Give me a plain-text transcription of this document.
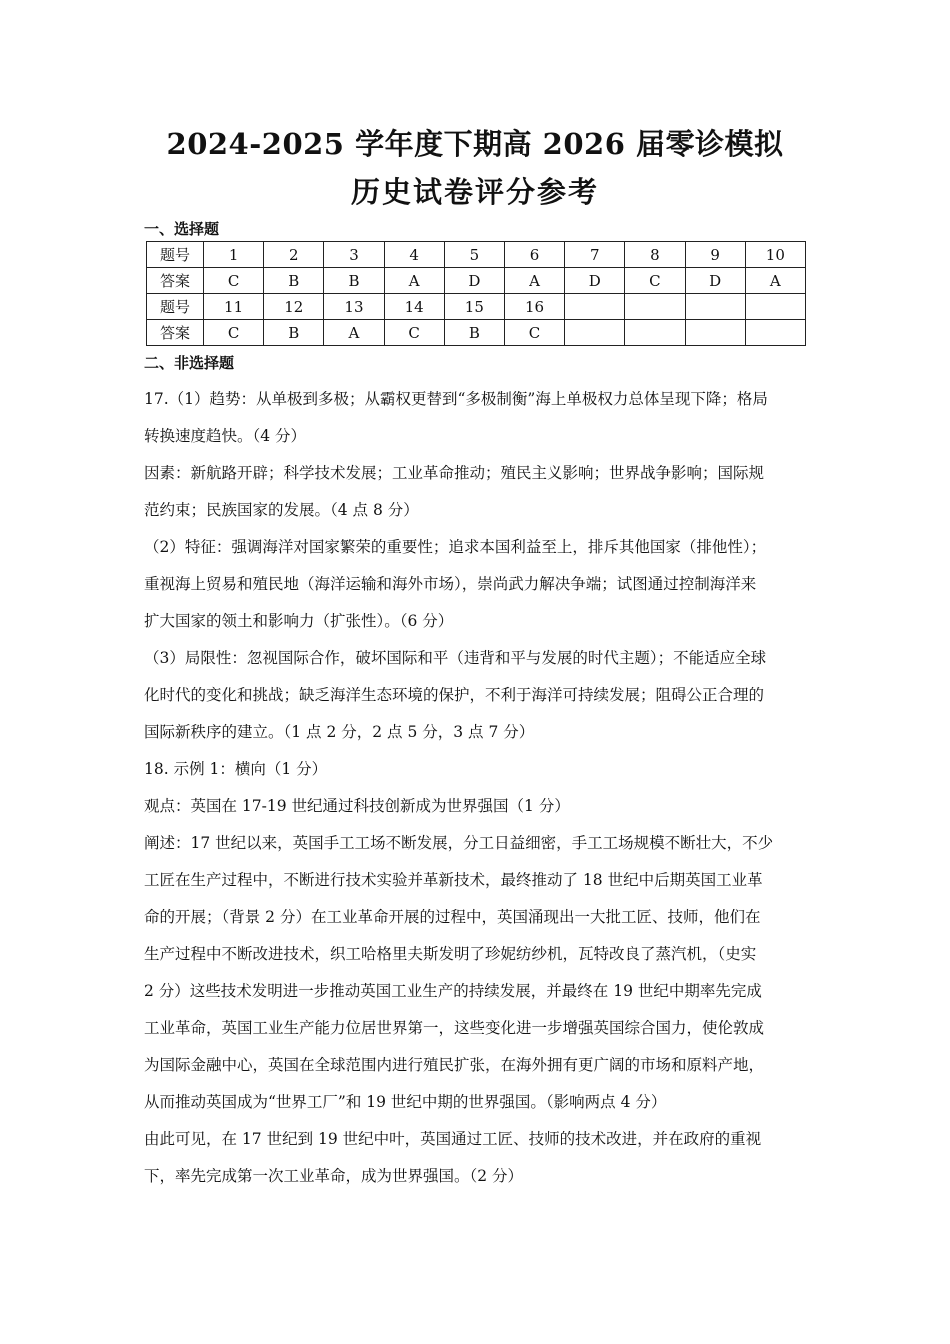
2024-2025 学年度下期高 2026 届零诊模拟
历史试卷评分参考
一、选择题
题号	1	2	3	4	5	6	7	8	9	10
答案	C	B	B	A	D	A	D	C	D	A
题号	11	12	13	14	15	16				
答案	C	B	A	C	B	C				
二、非选择题

17.（1）趋势：从单极到多极；从霸权更替到“多极制衡”海上单极权力总体呈现下降；格局

转换速度趋快。（4 分）

因素：新航路开辟；科学技术发展；工业革命推动；殖民主义影响；世界战争影响；国际规

范约束；民族国家的发展。（4 点 8 分）

（2）特征：强调海洋对国家繁荣的重要性；追求本国利益至上，排斥其他国家（排他性）；

重视海上贸易和殖民地（海洋运输和海外市场），崇尚武力解决争端；试图通过控制海洋来

扩大国家的领土和影响力（扩张性）。（6 分）

（3）局限性：忽视国际合作，破坏国际和平（违背和平与发展的时代主题）；不能适应全球

化时代的变化和挑战；缺乏海洋生态环境的保护，不利于海洋可持续发展；阻碍公正合理的

国际新秩序的建立。（1 点 2 分，2 点 5 分，3 点 7 分）

18. 示例 1：横向（1 分）

观点：英国在 17-19 世纪通过科技创新成为世界强国（1 分）

阐述：17 世纪以来，英国手工工场不断发展，分工日益细密，手工工场规模不断壮大，不少

工匠在生产过程中，不断进行技术实验并革新技术，最终推动了 18 世纪中后期英国工业革

命的开展；（背景 2 分）在工业革命开展的过程中，英国涌现出一大批工匠、技师，他们在

生产过程中不断改进技术，织工哈格里夫斯发明了珍妮纺纱机，瓦特改良了蒸汽机，（史实

2 分）这些技术发明进一步推动英国工业生产的持续发展，并最终在 19 世纪中期率先完成

工业革命，英国工业生产能力位居世界第一，这些变化进一步增强英国综合国力，使伦敦成

为国际金融中心，英国在全球范围内进行殖民扩张，在海外拥有更广阔的市场和原料产地，

从而推动英国成为“世界工厂”和 19 世纪中期的世界强国。（影响两点 4 分）

由此可见，在 17 世纪到 19 世纪中叶，英国通过工匠、技师的技术改进，并在政府的重视

下，率先完成第一次工业革命，成为世界强国。（2 分）
